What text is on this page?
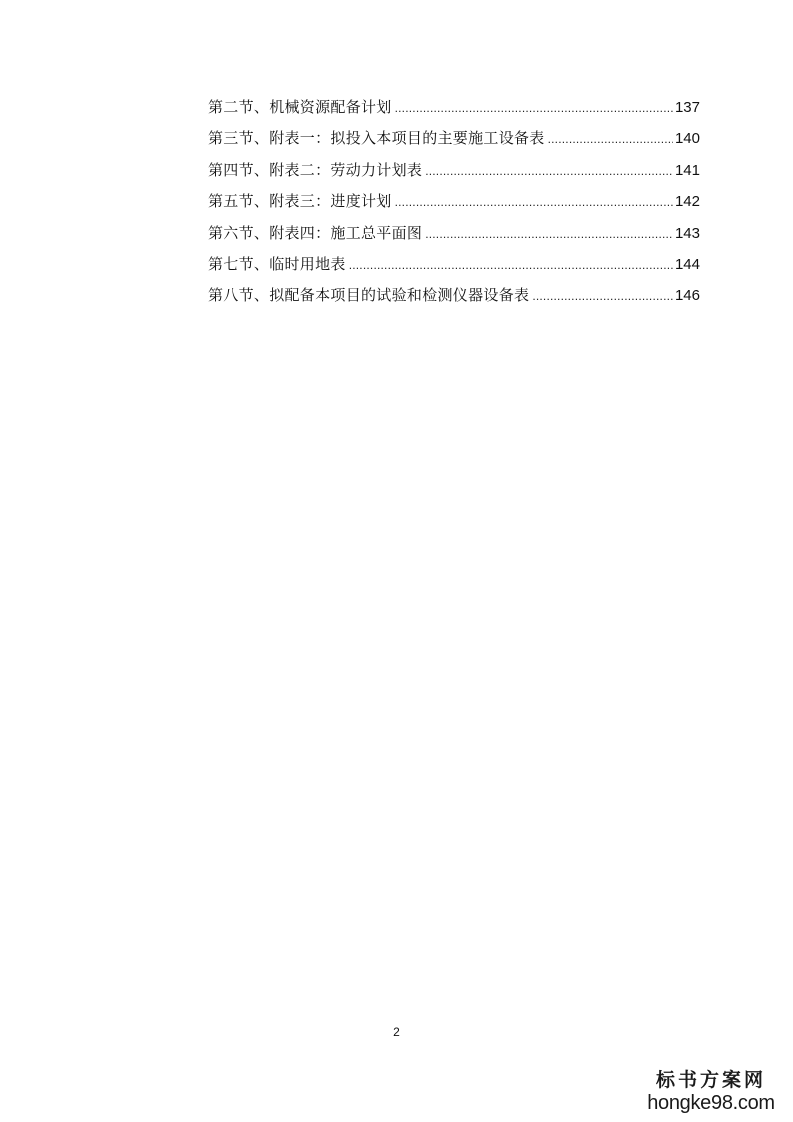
第二节、机械资源配备计划 .....	137
第三节、附表一：拟投入本项目的主要施工设备表 .....	140
第四节、附表二：劳动力计划表 .....	141
第五节、附表三：进度计划 .....	142
第六节、附表四：施工总平面图 .....	143
第七节、临时用地表 .....	144
第八节、拟配备本项目的试验和检测仪器设备表 .....	146
2
标书方案网
hongke98.com
